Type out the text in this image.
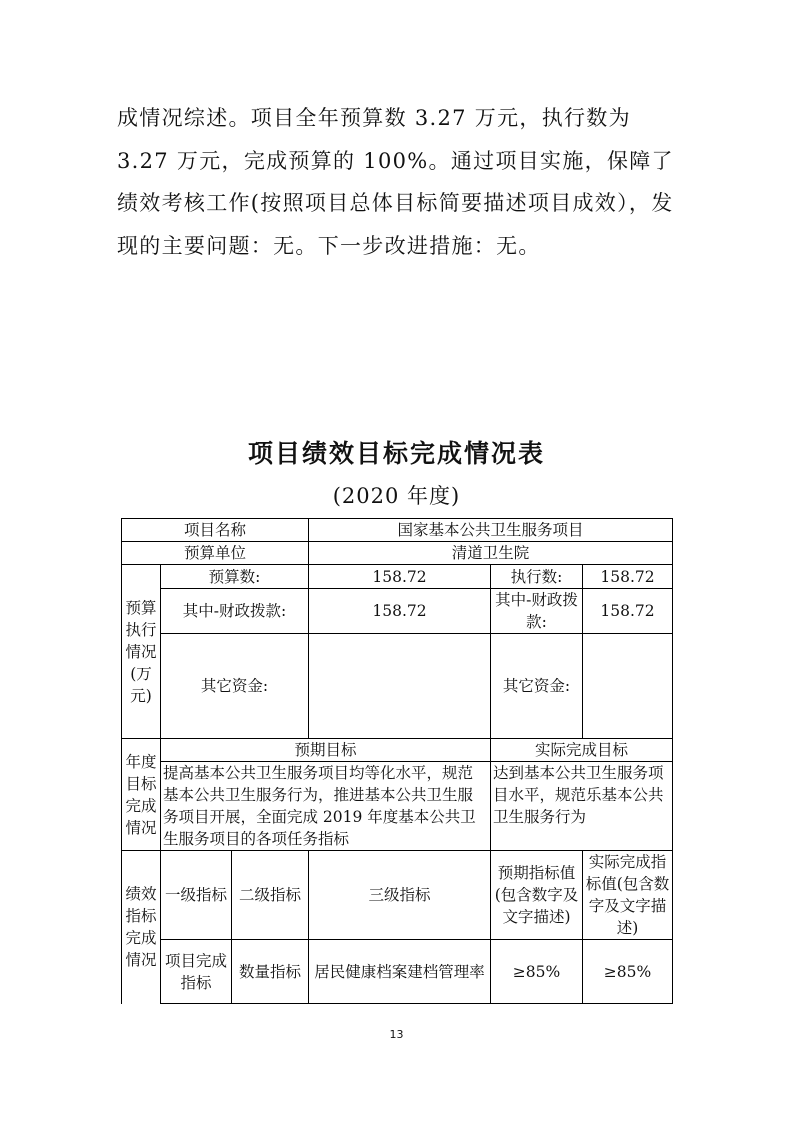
成情况综述。项目全年预算数 3.27 万元，执行数为 3.27 万元，完成预算的 100%。通过项目实施，保障了绩效考核工作(按照项目总体目标简要描述项目成效），发现的主要问题：无。下一步改进措施：无。

项目绩效目标完成情况表

(2020 年度)

项目名称			国家基本公共卫生服务项目		
预算单位			清道卫生院		

预算执行情况(万元)	预算数:		158.72	执行数:	158.72
	其中-财政拨款:		158.72	其中-财政拨款:	158.72
	其它资金:			其它资金:	

年度目标完成情况	预期目标			实际完成目标	
	提高基本公共卫生服务项目均等化水平，规范基本公共卫生服务行为，推进基本公共卫生服务项目开展，全面完成 2019 年度基本公共卫生服务项目的各项任务指标			达到基本公共卫生服务项目水平，规范乐基本公共卫生服务行为	

绩效指标完成情况	一级指标	二级指标	三级指标	预期指标值(包含数字及文字描述)	实际完成指标值(包含数字及文字描述)
	项目完成指标	数量指标	居民健康档案建档管理率	≥85%	≥85%

13
